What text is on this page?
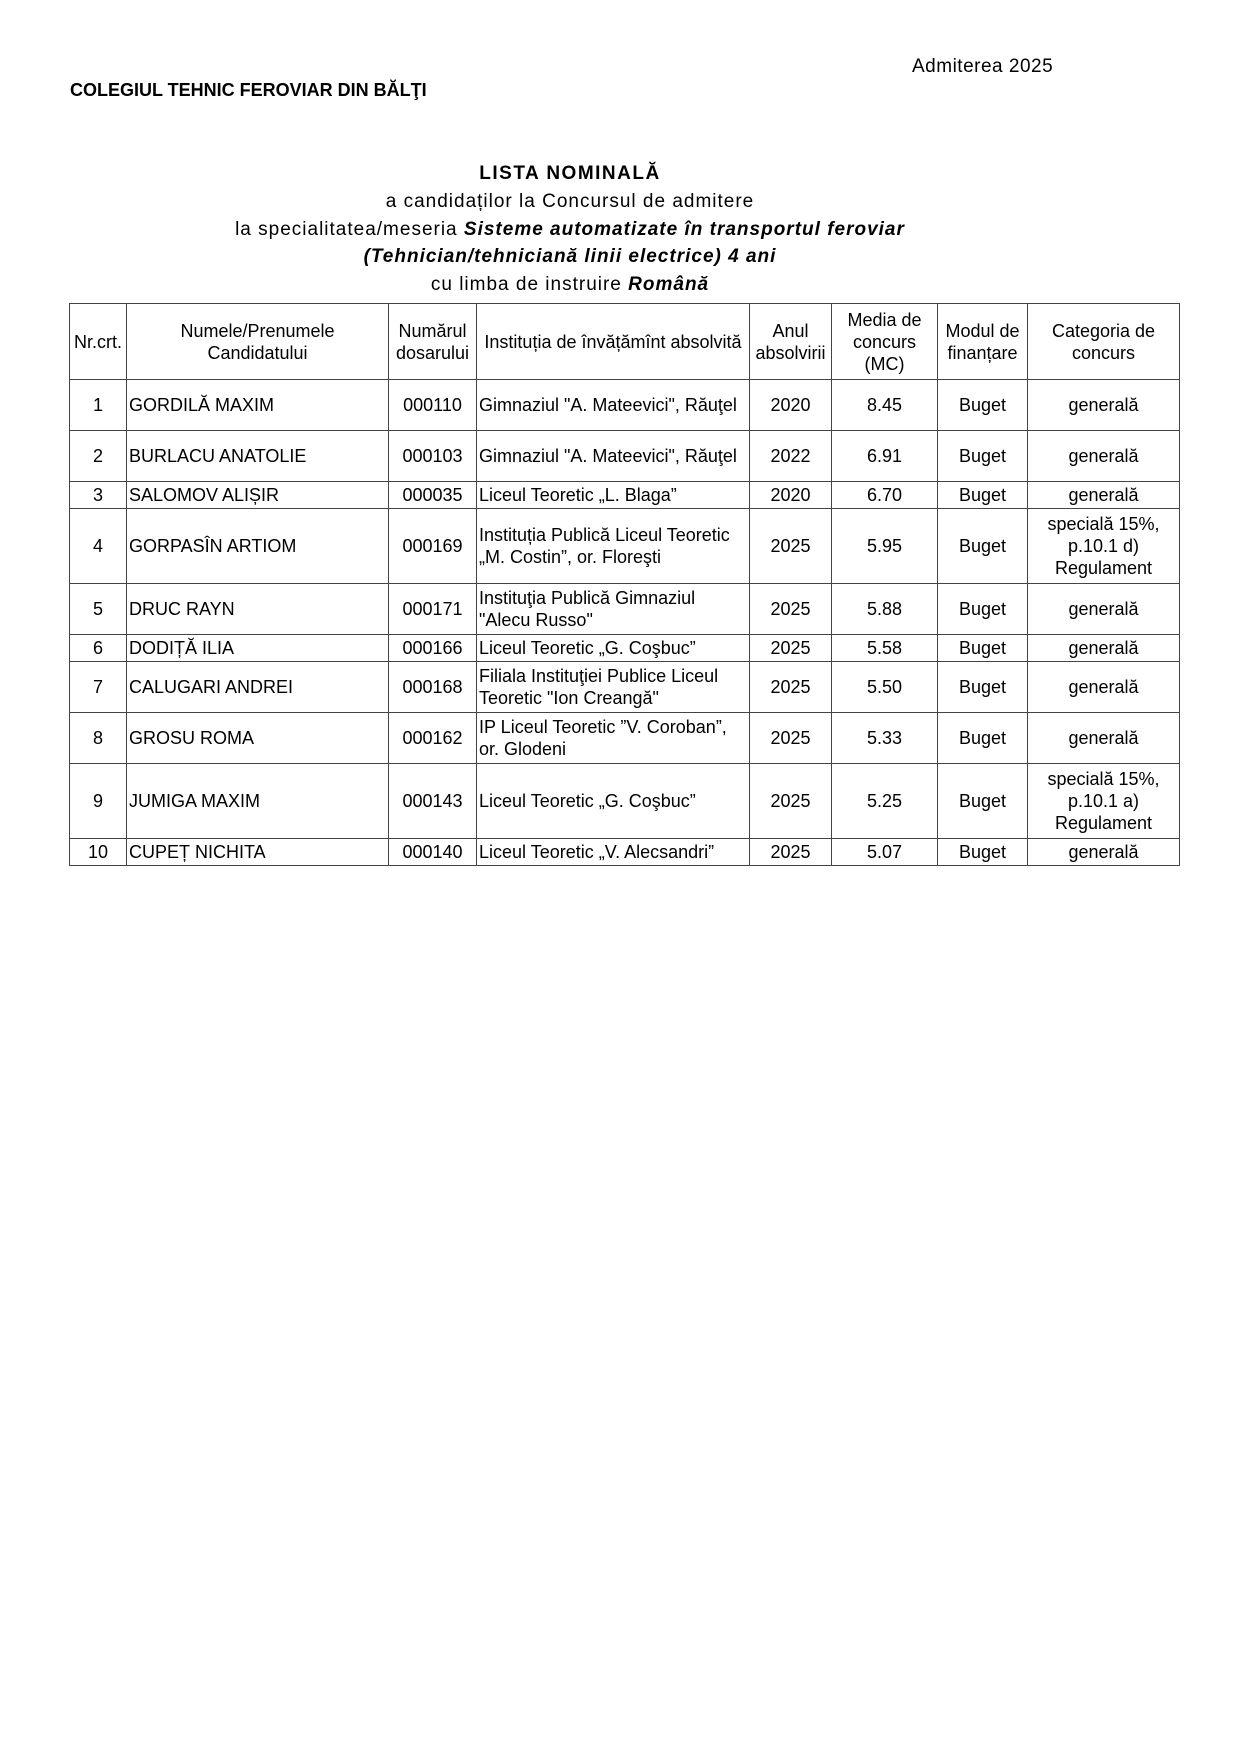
Admiterea 2025
COLEGIUL TEHNIC FEROVIAR DIN BĂLŢI
LISTA NOMINALĂ
a candidaților la Concursul de admitere
la specialitatea/meseria Sisteme automatizate în transportul feroviar
(Tehnician/tehniciană linii electrice) 4 ani
cu limba de instruire Română
Nr.crt.	Numele/Prenumele Candidatului	Numărul dosarului	Instituția de învățămînt absolvită	Anul absolvirii	Media de concurs (MC)	Modul de finanțare	Categoria de concurs
1	GORDILĂ MAXIM	000110	Gimnaziul "A. Mateevici", Răuţel	2020	8.45	Buget	generală
2	BURLACU ANATOLIE	000103	Gimnaziul "A. Mateevici", Răuţel	2022	6.91	Buget	generală
3	SALOMOV ALIȘIR	000035	Liceul Teoretic „L. Blaga”	2020	6.70	Buget	generală
4	GORPASÎN ARTIOM	000169	Instituția Publică Liceul Teoretic „M. Costin”, or. Floreşti	2025	5.95	Buget	specială 15%, p.10.1 d) Regulament
5	DRUC RAYN	000171	Instituţia Publică Gimnaziul "Alecu Russo"	2025	5.88	Buget	generală
6	DODIȚĂ ILIA	000166	Liceul Teoretic „G. Coşbuc”	2025	5.58	Buget	generală
7	CALUGARI ANDREI	000168	Filiala Instituţiei Publice Liceul Teoretic "Ion Creangă"	2025	5.50	Buget	generală
8	GROSU ROMA	000162	IP Liceul Teoretic ”V. Coroban”, or. Glodeni	2025	5.33	Buget	generală
9	JUMIGA MAXIM	000143	Liceul Teoretic „G. Coşbuc”	2025	5.25	Buget	specială 15%, p.10.1 a) Regulament
10	CUPEȚ NICHITA	000140	Liceul Teoretic „V. Alecsandri”	2025	5.07	Buget	generală
